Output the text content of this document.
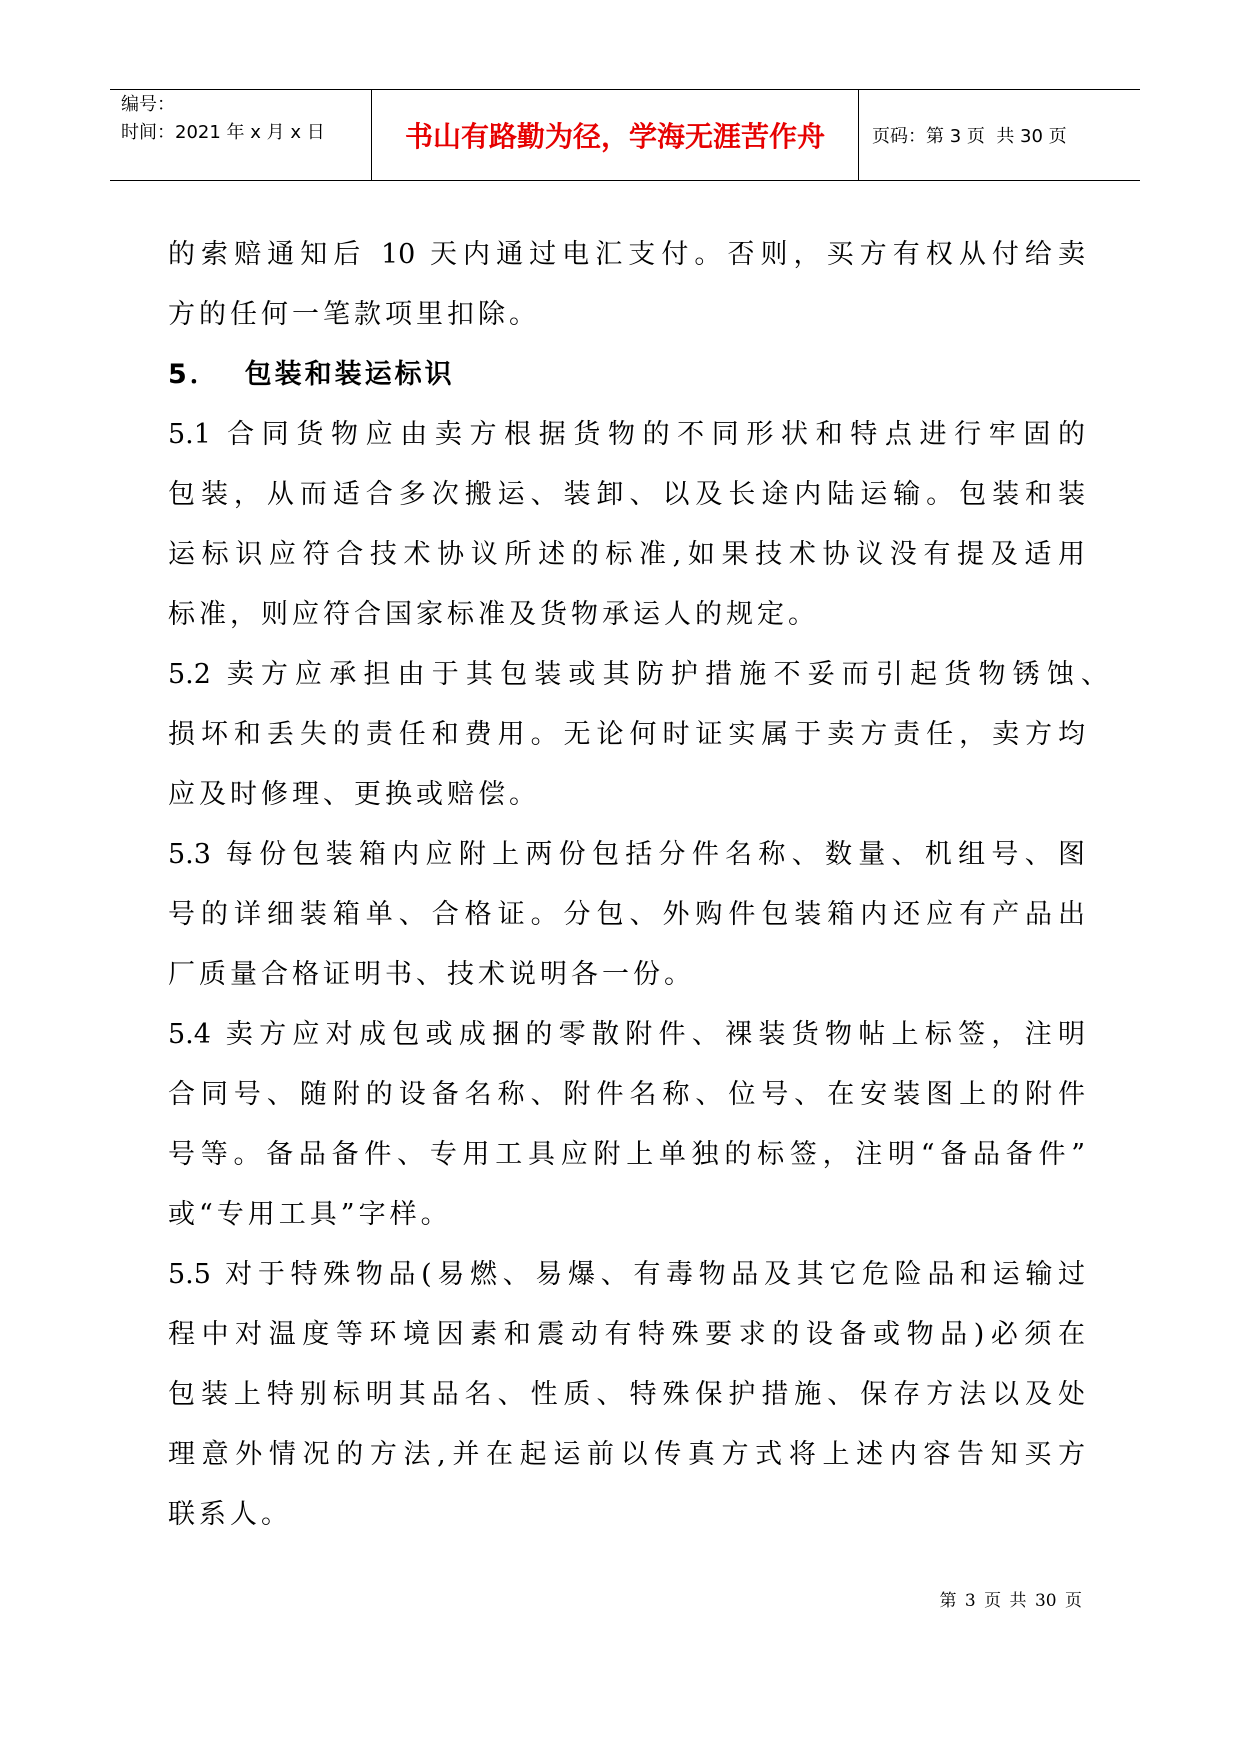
编号：
时间：2021 年 x 月 x 日	书山有路勤为径，学海无涯苦作舟	页码：第 3 页  共 30 页
的索赔通知后 10 天内通过电汇支付。否则，买方有权从付给卖
方的任何一笔款项里扣除。
5．  包装和装运标识
5.1 合同货物应由卖方根据货物的不同形状和特点进行牢固的
包装，从而适合多次搬运、装卸、以及长途内陆运输。包装和装
运标识应符合技术协议所述的标准,如果技术协议没有提及适用
标准，则应符合国家标准及货物承运人的规定。
5.2 卖方应承担由于其包装或其防护措施不妥而引起货物锈蚀、
损坏和丢失的责任和费用。无论何时证实属于卖方责任，卖方均
应及时修理、更换或赔偿。
5.3 每份包装箱内应附上两份包括分件名称、数量、机组号、图
号的详细装箱单、合格证。分包、外购件包装箱内还应有产品出
厂质量合格证明书、技术说明各一份。
5.4 卖方应对成包或成捆的零散附件、裸装货物帖上标签，注明
合同号、随附的设备名称、附件名称、位号、在安装图上的附件
号等。备品备件、专用工具应附上单独的标签，注明“备品备件”
或“专用工具”字样。
5.5 对于特殊物品(易燃、易爆、有毒物品及其它危险品和运输过
程中对温度等环境因素和震动有特殊要求的设备或物品)必须在
包装上特别标明其品名、性质、特殊保护措施、保存方法以及处
理意外情况的方法,并在起运前以传真方式将上述内容告知买方
联系人。
第 3 页 共 30 页
